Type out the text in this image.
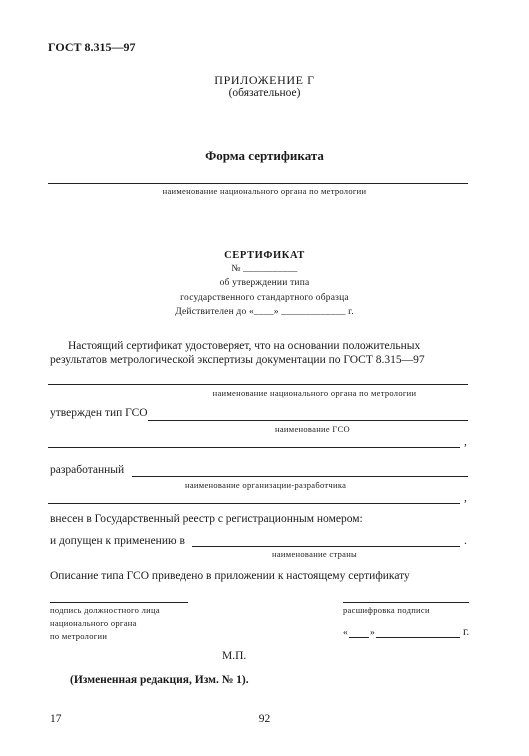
ГОСТ 8.315—97
ПРИЛОЖЕНИЕ Г
(обязательное)
Форма сертификата
наименование национального органа по метрологии
СЕРТИФИКАТ
№ ___________
об утверждении типа
государственного стандартного образца
Действителен до «____» _____________ г.
Настоящий сертификат удостоверяет, что на основании положительных результатов метрологической экспертизы документации по ГОСТ 8.315—97
наименование национального органа по метрологии
утвержден тип ГСО
наименование ГСО
,
разработанный
наименование организации-разработчика
,
внесен в Государственный реестр с регистрационным номером:
и допущен к применению в	.
наименование страны
Описание типа ГСО приведено в приложении к настоящему сертификату
подпись должностного лица
национального органа
по метрологии
расшифровка подписи
« »	г.
М.П.
(Измененная редакция, Изм. № 1).
17	92
